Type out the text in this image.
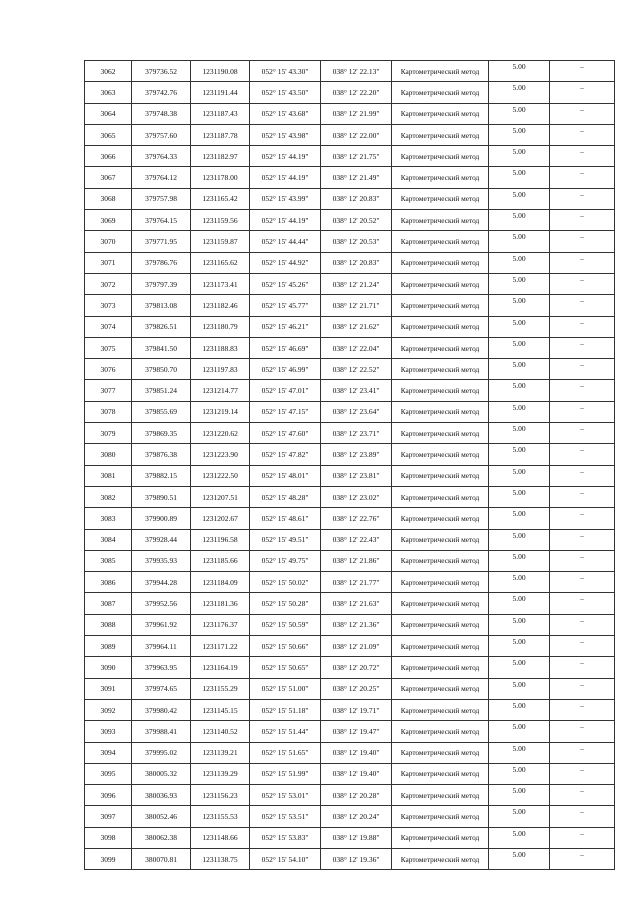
3062	379736.52	1231190.08	052° 15' 43.30"	038° 12' 22.13"	Картометрический метод	5.00	–
3063	379742.76	1231191.44	052° 15' 43.50"	038° 12' 22.20"	Картометрический метод	5.00	–
3064	379748.38	1231187.43	052° 15' 43.68"	038° 12' 21.99"	Картометрический метод	5.00	–
3065	379757.60	1231187.78	052° 15' 43.98"	038° 12' 22.00"	Картометрический метод	5.00	–
3066	379764.33	1231182.97	052° 15' 44.19"	038° 12' 21.75"	Картометрический метод	5.00	–
3067	379764.12	1231178.00	052° 15' 44.19"	038° 12' 21.49"	Картометрический метод	5.00	–
3068	379757.98	1231165.42	052° 15' 43.99"	038° 12' 20.83"	Картометрический метод	5.00	–
3069	379764.15	1231159.56	052° 15' 44.19"	038° 12' 20.52"	Картометрический метод	5.00	–
3070	379771.95	1231159.87	052° 15' 44.44"	038° 12' 20.53"	Картометрический метод	5.00	–
3071	379786.76	1231165.62	052° 15' 44.92"	038° 12' 20.83"	Картометрический метод	5.00	–
3072	379797.39	1231173.41	052° 15' 45.26"	038° 12' 21.24"	Картометрический метод	5.00	–
3073	379813.08	1231182.46	052° 15' 45.77"	038° 12' 21.71"	Картометрический метод	5.00	–
3074	379826.51	1231180.79	052° 15' 46.21"	038° 12' 21.62"	Картометрический метод	5.00	–
3075	379841.50	1231188.83	052° 15' 46.69"	038° 12' 22.04"	Картометрический метод	5.00	–
3076	379850.70	1231197.83	052° 15' 46.99"	038° 12' 22.52"	Картометрический метод	5.00	–
3077	379851.24	1231214.77	052° 15' 47.01"	038° 12' 23.41"	Картометрический метод	5.00	–
3078	379855.69	1231219.14	052° 15' 47.15"	038° 12' 23.64"	Картометрический метод	5.00	–
3079	379869.35	1231220.62	052° 15' 47.60"	038° 12' 23.71"	Картометрический метод	5.00	–
3080	379876.38	1231223.90	052° 15' 47.82"	038° 12' 23.89"	Картометрический метод	5.00	–
3081	379882.15	1231222.50	052° 15' 48.01"	038° 12' 23.81"	Картометрический метод	5.00	–
3082	379890.51	1231207.51	052° 15' 48.28"	038° 12' 23.02"	Картометрический метод	5.00	–
3083	379900.89	1231202.67	052° 15' 48.61"	038° 12' 22.76"	Картометрический метод	5.00	–
3084	379928.44	1231196.58	052° 15' 49.51"	038° 12' 22.43"	Картометрический метод	5.00	–
3085	379935.93	1231185.66	052° 15' 49.75"	038° 12' 21.86"	Картометрический метод	5.00	–
3086	379944.28	1231184.09	052° 15' 50.02"	038° 12' 21.77"	Картометрический метод	5.00	–
3087	379952.56	1231181.36	052° 15' 50.28"	038° 12' 21.63"	Картометрический метод	5.00	–
3088	379961.92	1231176.37	052° 15' 50.59"	038° 12' 21.36"	Картометрический метод	5.00	–
3089	379964.11	1231171.22	052° 15' 50.66"	038° 12' 21.09"	Картометрический метод	5.00	–
3090	379963.95	1231164.19	052° 15' 50.65"	038° 12' 20.72"	Картометрический метод	5.00	–
3091	379974.65	1231155.29	052° 15' 51.00"	038° 12' 20.25"	Картометрический метод	5.00	–
3092	379980.42	1231145.15	052° 15' 51.18"	038° 12' 19.71"	Картометрический метод	5.00	–
3093	379988.41	1231140.52	052° 15' 51.44"	038° 12' 19.47"	Картометрический метод	5.00	–
3094	379995.02	1231139.21	052° 15' 51.65"	038° 12' 19.40"	Картометрический метод	5.00	–
3095	380005.32	1231139.29	052° 15' 51.99"	038° 12' 19.40"	Картометрический метод	5.00	–
3096	380036.93	1231156.23	052° 15' 53.01"	038° 12' 20.28"	Картометрический метод	5.00	–
3097	380052.46	1231155.53	052° 15' 53.51"	038° 12' 20.24"	Картометрический метод	5.00	–
3098	380062.38	1231148.66	052° 15' 53.83"	038° 12' 19.88"	Картометрический метод	5.00	–
3099	380070.81	1231138.75	052° 15' 54.10"	038° 12' 19.36"	Картометрический метод	5.00	–
